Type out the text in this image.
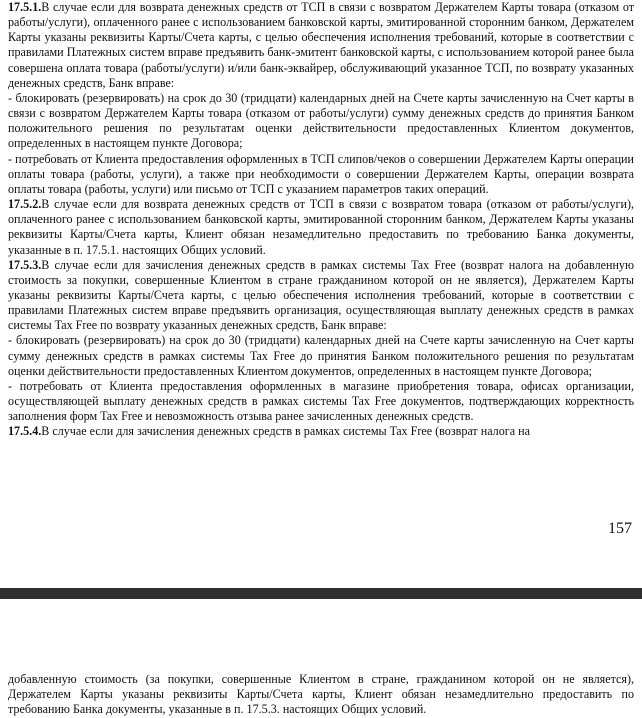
17.5.1.В случае если для возврата денежных средств от ТСП в связи с возвратом Держателем Карты товара (отказом от работы/услуги), оплаченного ранее с использованием банковской карты, эмитированной сторонним банком, Держателем Карты указаны реквизиты Карты/Счета карты, с целью обеспечения исполнения требований, которые в соответствии с правилами Платежных систем вправе предъявить банк-эмитент банковской карты, с использованием которой ранее была совершена оплата товара (работы/услуги) и/или банк-эквайрер, обслуживающий указанное ТСП, по возврату указанных денежных средств, Банк вправе:

- блокировать (резервировать) на срок до 30 (тридцати) календарных дней на Счете карты зачисленную на Счет карты в связи с возвратом Держателем Карты товара (отказом от работы/услуги) сумму денежных средств до принятия Банком положительного решения по результатам оценки действительности предоставленных Клиентом документов, определенных в настоящем пункте Договора;

- потребовать от Клиента предоставления оформленных в ТСП слипов/чеков о совершении Держателем Карты операции оплаты товара (работы, услуги), а также при необходимости о совершении Держателем Карты, операции возврата оплаты товара (работы, услуги) или письмо от ТСП с указанием параметров таких операций.

17.5.2.В случае если для возврата денежных средств от ТСП в связи с возвратом товара (отказом от работы/услуги), оплаченного ранее с использованием банковской карты, эмитированной сторонним банком, Держателем Карты указаны реквизиты Карты/Счета карты, Клиент обязан незамедлительно предоставить по требованию Банка документы, указанные в п. 17.5.1. настоящих Общих условий.

17.5.3.В случае если для зачисления денежных средств в рамках системы Tax Free (возврат налога на добавленную стоимость за покупки, совершенные Клиентом в стране гражданином которой он не является), Держателем Карты указаны реквизиты Карты/Счета карты, с целью обеспечения исполнения требований, которые в соответствии с правилами Платежных систем вправе предъявить организация, осуществляющая выплату денежных средств в рамках системы Tax Free по возврату указанных денежных средств, Банк вправе:

- блокировать (резервировать) на срок до 30 (тридцати) календарных дней на Счете карты зачисленную на Счет карты сумму денежных средств в рамках системы Tax Free до принятия Банком положительного решения по результатам оценки действительности предоставленных Клиентом документов, определенных в настоящем пункте Договора;

- потребовать от Клиента предоставления оформленных в магазине приобретения товара, офисах организации, осуществляющей выплату денежных средств в рамках системы Tax Free документов, подтверждающих корректность заполнения форм Tax Free и невозможность отзыва ранее зачисленных денежных средств.

17.5.4.В случае если для зачисления денежных средств в рамках системы Tax Free (возврат налога на

157

добавленную стоимость (за покупки, совершенные Клиентом в стране, гражданином которой он не является), Держателем Карты указаны реквизиты Карты/Счета карты, Клиент обязан незамедлительно предоставить по требованию Банка документы, указанные в п. 17.5.3. настоящих Общих условий.
